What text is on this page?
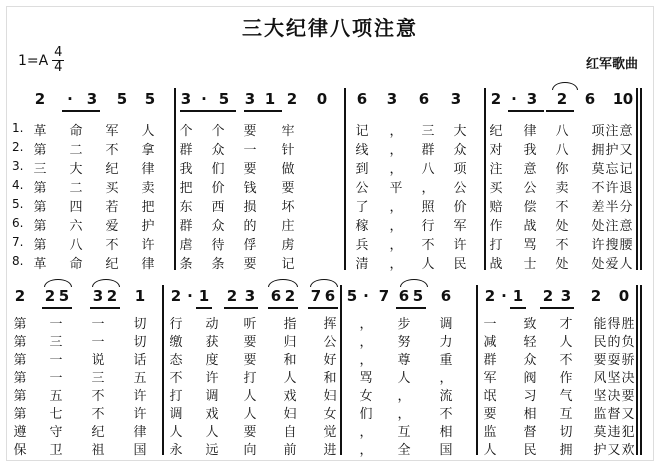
三大纪律八项注意
$1=A \frac{4}{4}$	红军歌曲
2 · 3 5 5 3 · 5 3 1 2 0 6 3 6 3 2 · 3 2 6 1 0
1. 革 命 军 人 个 个 要 牢	记 ， 三 大 纪 律 八 项 注 意
2. 第 二 不 拿 群 众 一 针	线 ， 群 众 对 我 八 拥 护 又
3. 三 大 纪 律 我 们 要 做	到 ， 八 项 注 意 你 莫 忘 记
4. 第 二 买 卖 把 价 钱 要	公 平 ， 公 买 公 卖 不 许 退
5. 第 四 若 把 东 西 损 坏	了 ， 照 价 赔 偿 不 差 半 分
6. 第 六 爱 护 群 众 的 庄	稼 ， 行 军 作 战 处 处 注 意
7. 第 八 不 许 虐 待 俘 虏	兵 ， 不 许 打 骂 不 许 搜 腰
8. 革 命 纪 律 条 条 要 记	清 ， 人 民 战 士 处 处 爱 人
2 2 5 3 2 1 2 · 1 2 3 6 2 7 6 5 · 7 6 5 6 2 · 1 2 3 2 0
第 一 一 切 行 动 听 指 挥 ， 步 调 一 致 才 能 得 胜
第 三 一 切 缴 获 要 归 公 ， 努 力 减 轻 人 民 的 负
第 一 说 话 态 度 要 和 好 ， 尊 重 群 众 不 要 耍 骄
第 一 三 五 不 许 打 人 和 骂 人 ， 军 阀 作 风 坚 决
第 五 不 许 打 调 人 戏 妇 女 ， 流 氓 习 气 坚 决 要
第 七 不 许 调 戏 人 妇 女 们 ， 不 要 相 互 监 督 又
遵 守 纪 律 人 人 要 自 觉 ， 互 相 监 督 切 莫 违 犯
保 卫 祖 国 永 远 向 前 进 ， 全 国 人 民 拥 护 又 欢
